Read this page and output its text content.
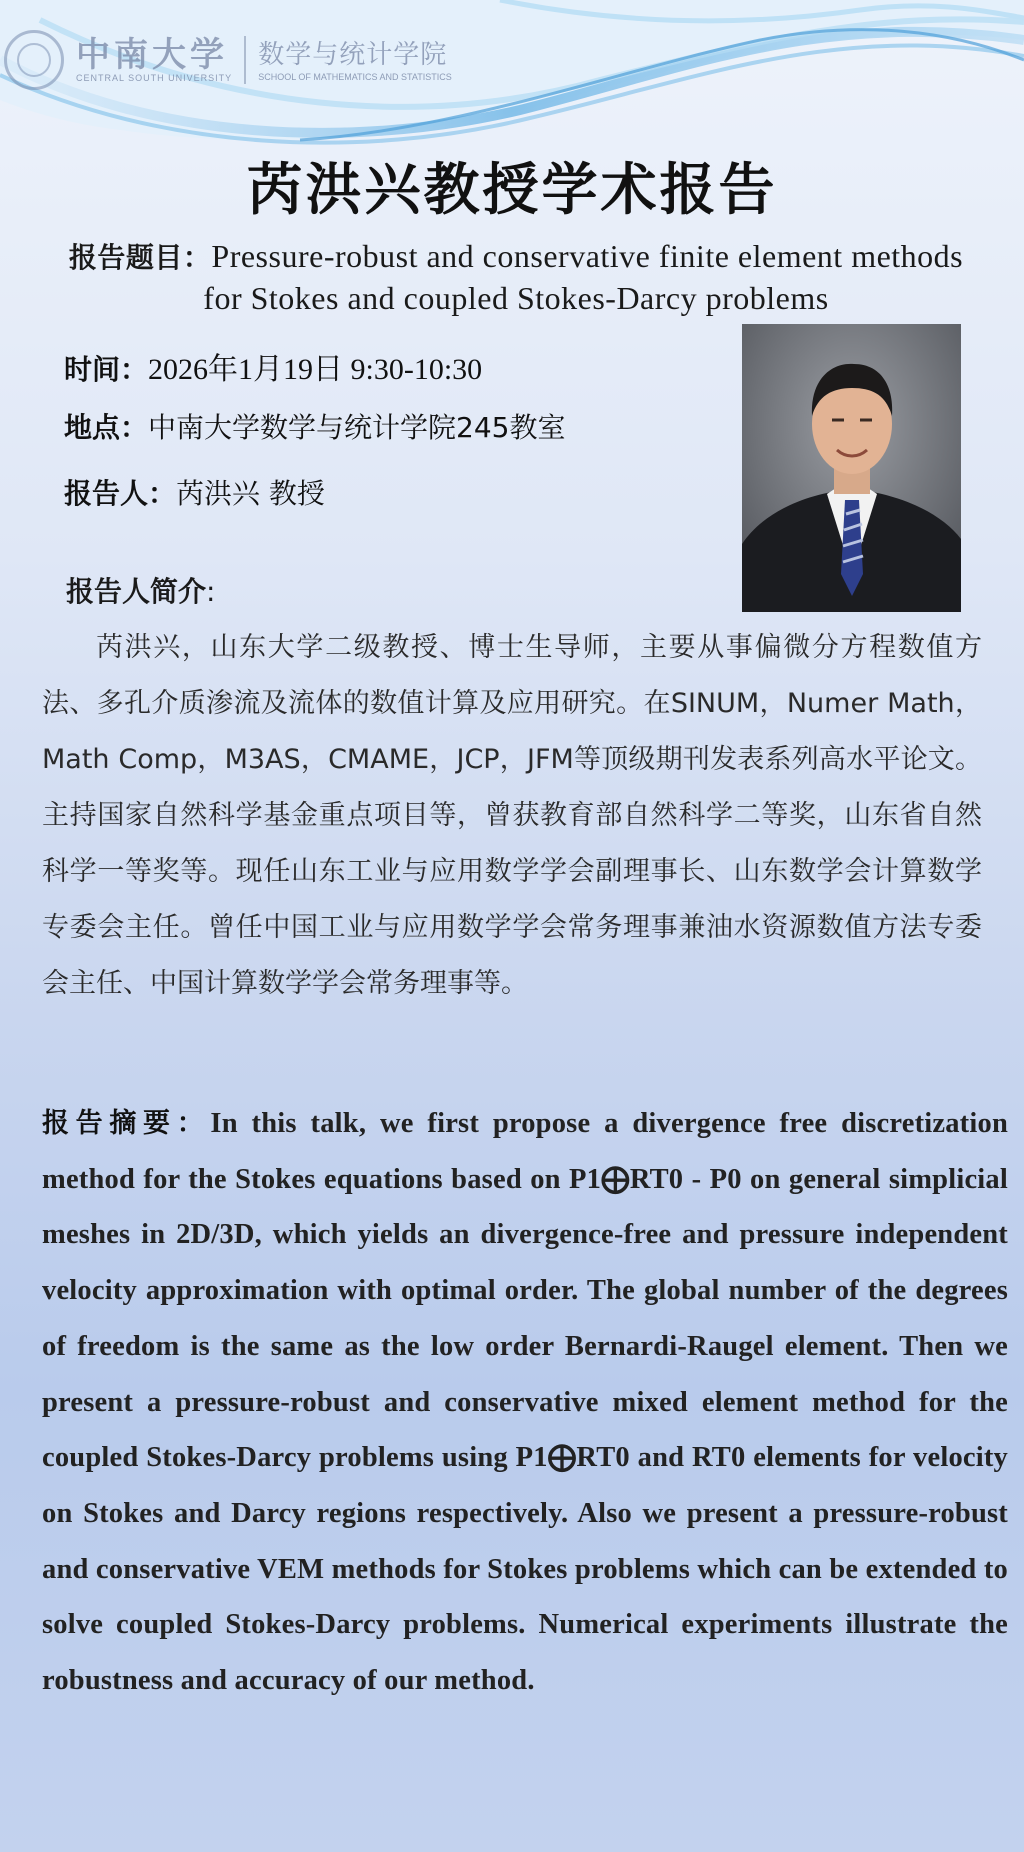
中南大学
CENTRAL SOUTH UNIVERSITY
数学与统计学院
SCHOOL OF MATHEMATICS AND STATISTICS
芮洪兴教授学术报告
报告题目：Pressure-robust and conservative finite element methods for Stokes and coupled Stokes-Darcy problems
时间：2026年1月19日 9:30-10:30
地点：中南大学数学与统计学院245教室
报告人：芮洪兴 教授
报告人简介:
芮洪兴，山东大学二级教授、博士生导师，主要从事偏微分方程数值方法、多孔介质渗流及流体的数值计算及应用研究。在SINUM，Numer Math，Math Comp，M3AS，CMAME，JCP，JFM等顶级期刊发表系列高水平论文。主持国家自然科学基金重点项目等，曾获教育部自然科学二等奖，山东省自然科学一等奖等。现任山东工业与应用数学学会副理事长、山东数学会计算数学专委会主任。曾任中国工业与应用数学学会常务理事兼油水资源数值方法专委会主任、中国计算数学学会常务理事等。
报告摘要：In this talk, we first propose a divergence free discretization method for the Stokes equations based on P1⨁RT0 - P0 on general simplicial meshes in 2D/3D, which yields an divergence-free and pressure independent velocity approximation with optimal order. The global number of the degrees of freedom is the same as the low order Bernardi-Raugel element. Then we present a pressure-robust and conservative mixed element method for the coupled Stokes-Darcy problems using P1⨁RT0 and RT0 elements for velocity on Stokes and Darcy regions respectively. Also we present a pressure-robust and conservative VEM methods for Stokes problems which can be extended to solve coupled Stokes-Darcy problems. Numerical experiments illustrate the robustness and accuracy of our method.
